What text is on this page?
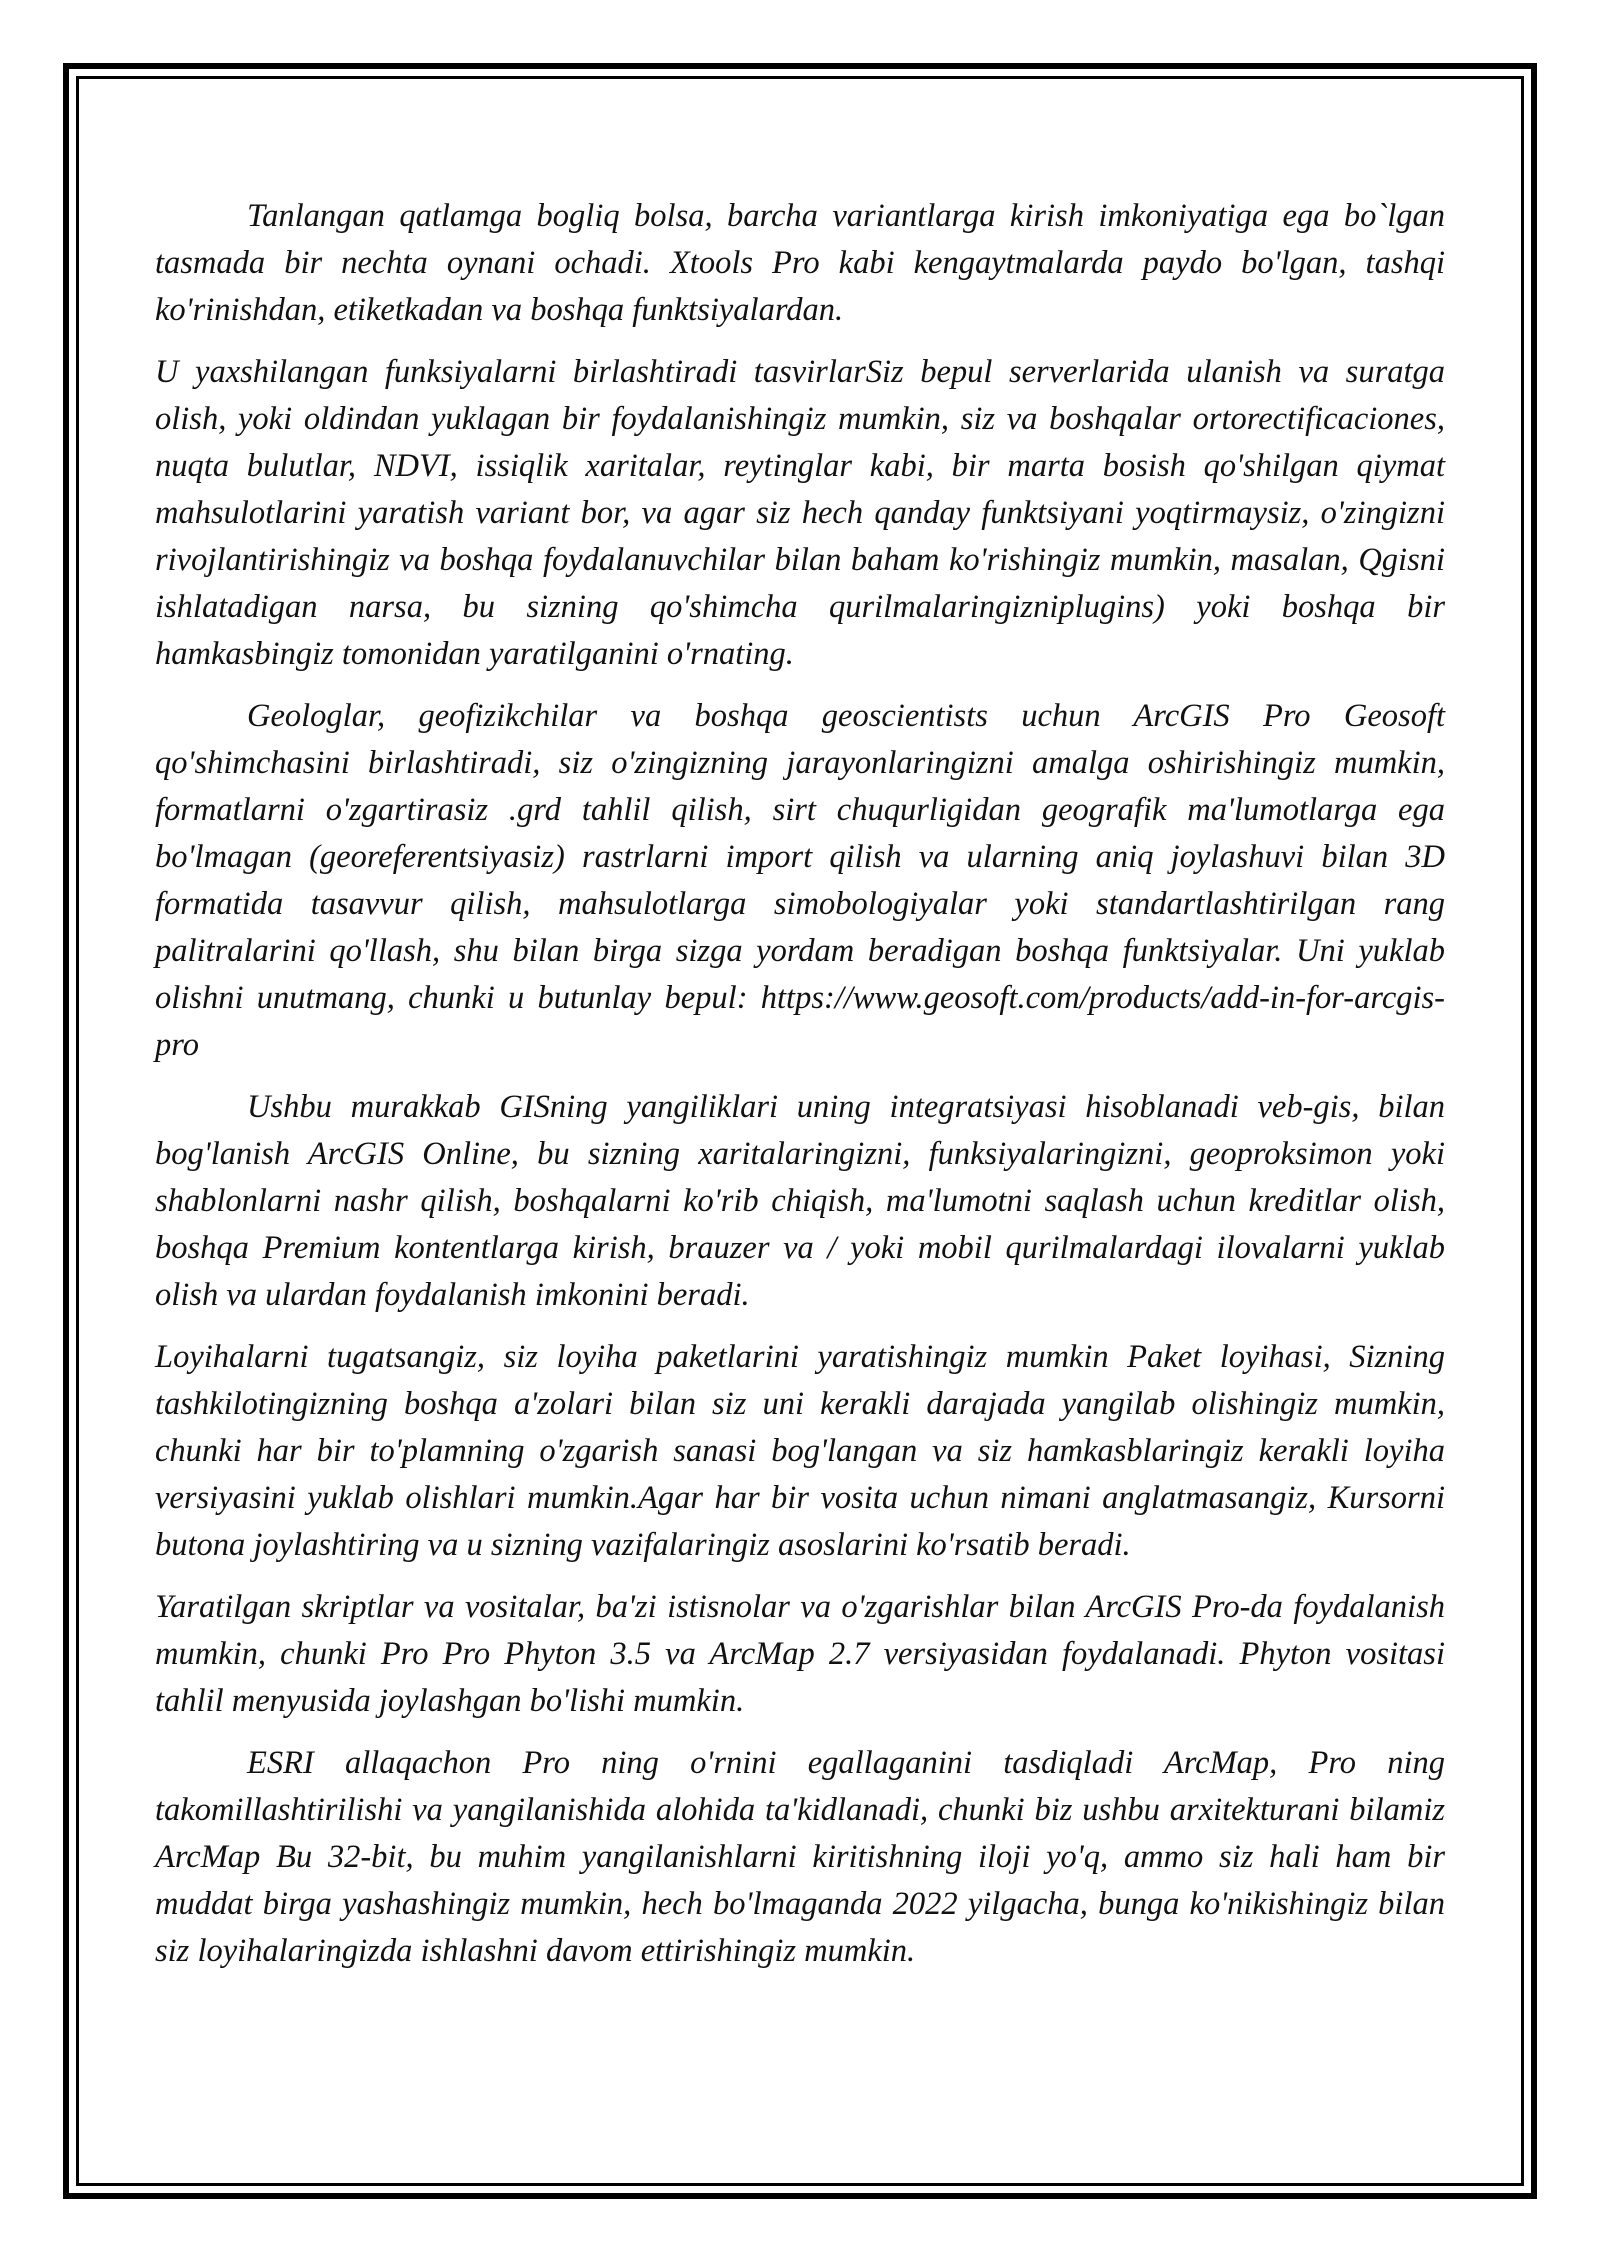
Tanlangan qatlamga bogliq bolsa, barcha variantlarga kirish imkoniyatiga ega bo`lgan tasmada bir nechta oynani ochadi. Xtools Pro kabi kengaytmalarda paydo bo'lgan, tashqi ko'rinishdan, etiketkadan va boshqa funktsiyalardan.

U yaxshilangan funksiyalarni birlashtiradi tasvirlarSiz bepul serverlarida ulanish va suratga olish, yoki oldindan yuklagan bir foydalanishingiz mumkin, siz va boshqalar ortorectificaciones, nuqta bulutlar, NDVI, issiqlik xaritalar, reytinglar kabi, bir marta bosish qo'shilgan qiymat mahsulotlarini yaratish variant bor, va agar siz hech qanday funktsiyani yoqtirmaysiz, o'zingizni rivojlantirishingiz va boshqa foydalanuvchilar bilan baham ko'rishingiz mumkin, masalan, Qgisni ishlatadigan narsa, bu sizning qo'shimcha qurilmalaringizniplugins) yoki boshqa bir hamkasbingiz tomonidan yaratilganini o'rnating.

Geologlar, geofizikchilar va boshqa geoscientists uchun ArcGIS Pro Geosoft qo'shimchasini birlashtiradi, siz o'zingizning jarayonlaringizni amalga oshirishingiz mumkin, formatlarni o'zgartirasiz .grd tahlil qilish, sirt chuqurligidan geografik ma'lumotlarga ega bo'lmagan (georeferentsiyasiz) rastrlarni import qilish va ularning aniq joylashuvi bilan 3D formatida tasavvur qilish, mahsulotlarga simobologiyalar yoki standartlashtirilgan rang palitralarini qo'llash, shu bilan birga sizga yordam beradigan boshqa funktsiyalar. Uni yuklab olishni unutmang, chunki u butunlay bepul: https://www.geosoft.com/products/add-in-for-arcgis-pro

Ushbu murakkab GISning yangiliklari uning integratsiyasi hisoblanadi veb-gis, bilan bog'lanish ArcGIS Online, bu sizning xaritalaringizni, funksiyalaringizni, geoproksimon yoki shablonlarni nashr qilish, boshqalarni ko'rib chiqish, ma'lumotni saqlash uchun kreditlar olish, boshqa Premium kontentlarga kirish, brauzer va / yoki mobil qurilmalardagi ilovalarni yuklab olish va ulardan foydalanish imkonini beradi.

Loyihalarni tugatsangiz, siz loyiha paketlarini yaratishingiz mumkin Paket loyihasi, Sizning tashkilotingizning boshqa a'zolari bilan siz uni kerakli darajada yangilab olishingiz mumkin, chunki har bir to'plamning o'zgarish sanasi bog'langan va siz hamkasblaringiz kerakli loyiha versiyasini yuklab olishlari mumkin.Agar har bir vosita uchun nimani anglatmasangiz, Kursorni butona joylashtiring va u sizning vazifalaringiz asoslarini ko'rsatib beradi.

Yaratilgan skriptlar va vositalar, ba'zi istisnolar va o'zgarishlar bilan ArcGIS Pro-da foydalanish mumkin, chunki Pro Pro Phyton 3.5 va ArcMap 2.7 versiyasidan foydalanadi. Phyton vositasi tahlil menyusida joylashgan bo'lishi mumkin.

ESRI allaqachon Pro ning o'rnini egallaganini tasdiqladi ArcMap, Pro ning takomillashtirilishi va yangilanishida alohida ta'kidlanadi, chunki biz ushbu arxitekturani bilamiz ArcMap Bu 32-bit, bu muhim yangilanishlarni kiritishning iloji yo'q, ammo siz hali ham bir muddat birga yashashingiz mumkin, hech bo'lmaganda 2022 yilgacha, bunga ko'nikishingiz bilan siz loyihalaringizda ishlashni davom ettirishingiz mumkin.
